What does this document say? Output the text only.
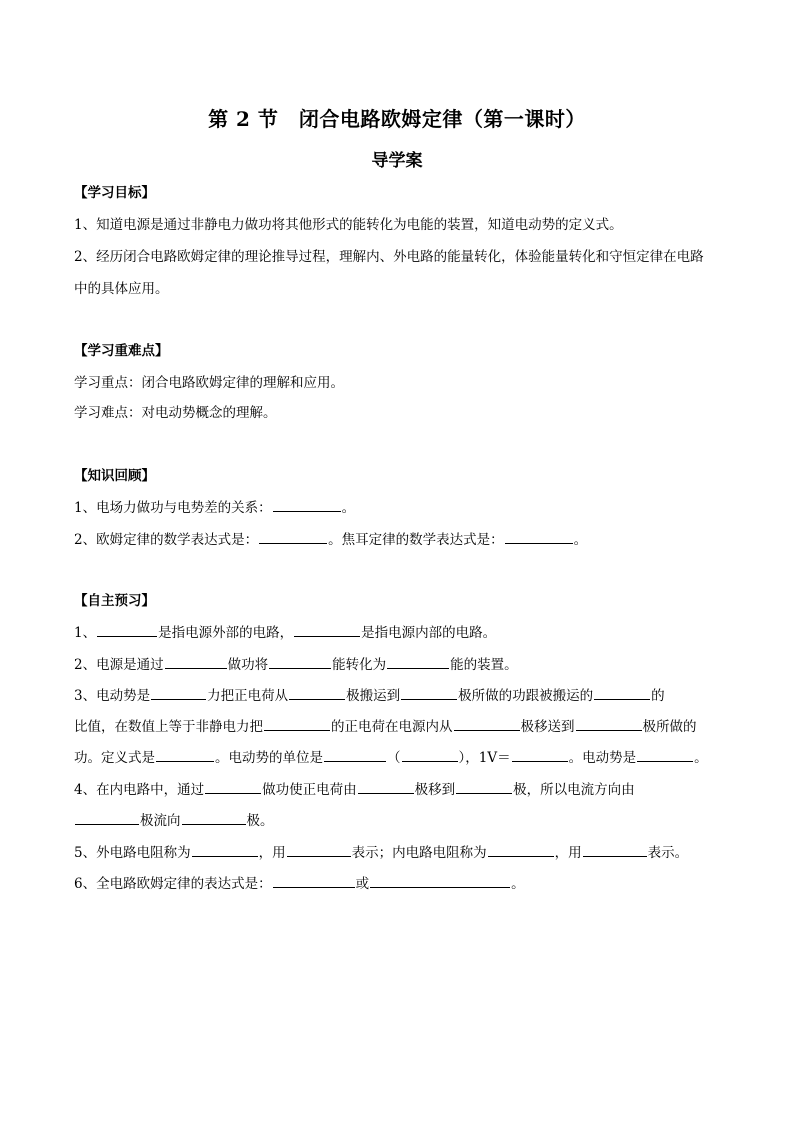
第 2 节　闭合电路欧姆定律（第一课时）
导学案
【学习目标】
1、知道电源是通过非静电力做功将其他形式的能转化为电能的装置，知道电动势的定义式。
2、经历闭合电路欧姆定律的理论推导过程，理解内、外电路的能量转化，体验能量转化和守恒定律在电路
中的具体应用。
【学习重难点】
学习重点：闭合电路欧姆定律的理解和应用。
学习难点：对电动势概念的理解。
【知识回顾】
1、电场力做功与电势差的关系：	。
2、欧姆定律的数学表达式是：	。焦耳定律的数学表达式是：	。
【自主预习】
1、	是指电源外部的电路，	是指电源内部的电路。
2、电源是通过	做功将	能转化为	能的装置。
3、电动势是	力把正电荷从	极搬运到	极所做的功跟被搬运的	的
比值，在数值上等于非静电力把	的正电荷在电源内从	极移送到	极所做的
功。定义式是	。电动势的单位是	（	），1V＝	。电动势是	。
4、在内电路中，通过	做功使正电荷由	极移到	极，所以电流方向由
极流向	极。
5、外电路电阻称为	，用	表示；内电路电阻称为	，用	表示。
6、全电路欧姆定律的表达式是：	或	。
